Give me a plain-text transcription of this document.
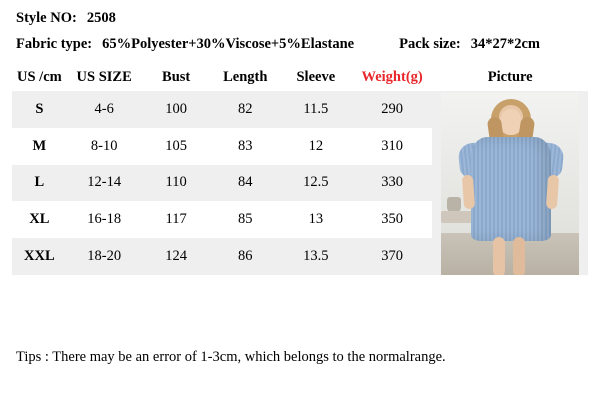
Style NO: 2508
Fabric type: 65%Polyester+30%Viscose+5%Elastane	Pack size: 34*27*2cm
US /cm	US SIZE	Bust	Length	Sleeve	Weight(g)	Picture
S	4-6	100	82	11.5	290	

M	8-10	105	83	12	310	
L	12-14	110	84	12.5	330	
XL	16-18	117	85	13	350	
XXL	18-20	124	86	13.5	370	
Tips : There may be an error of 1-3cm, which belongs to the normalrange.
